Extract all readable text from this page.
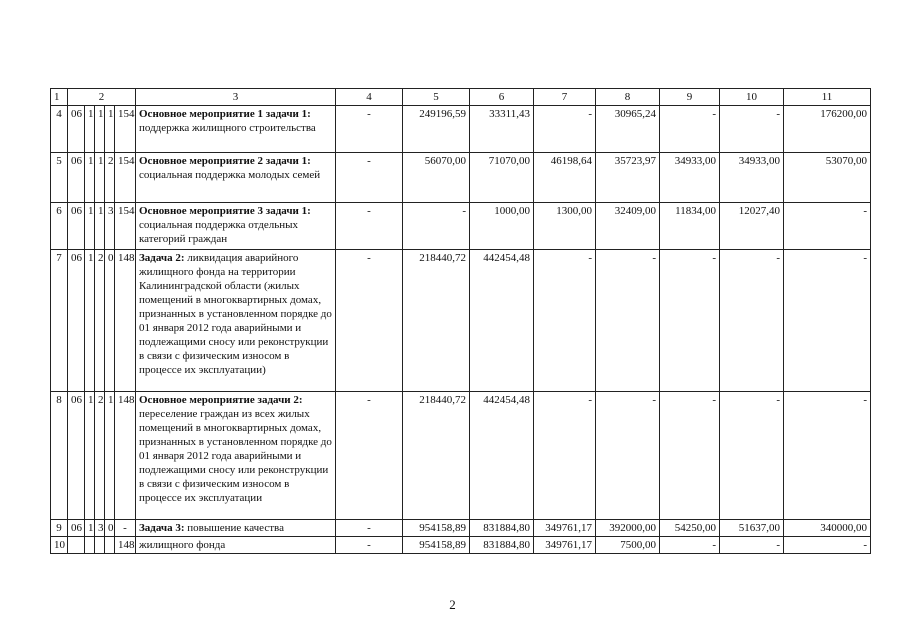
1	2					3	4	5	6	7	8	9	10	11
4	06	1	1	1	154	Основное мероприятие 1 задачи 1: поддержка жилищного строительства	-	249196,59	33311,43	-	30965,24	-	-	176200,00
5	06	1	1	2	154	Основное мероприятие 2 задачи 1: социальная поддержка молодых семей	-	56070,00	71070,00	46198,64	35723,97	34933,00	34933,00	53070,00
6	06	1	1	3	154	Основное мероприятие 3 задачи 1: социальная поддержка отдельных категорий граждан	-	-	1000,00	1300,00	32409,00	11834,00	12027,40	-
7	06	1	2	0	148	Задача 2: ликвидация аварийного жилищного фонда на территории Калининградской области (жилых помещений в многоквартирных домах, признанных в установленном порядке до 01 января 2012 года аварийными и подлежащими сносу или реконструкции в связи с физическим износом в процессе их эксплуатации)	-	218440,72	442454,48	-	-	-	-	-
8	06	1	2	1	148	Основное мероприятие задачи 2: переселение граждан из всех жилых помещений в многоквартирных домах, признанных в установленном порядке до 01 января 2012 года аварийными и подлежащими сносу или реконструкции в связи с физическим износом в процессе их эксплуатации	-	218440,72	442454,48	-	-	-	-	-
9	06	1	3	0	-	Задача 3: повышение качества	-	954158,89	831884,80	349761,17	392000,00	54250,00	51637,00	340000,00
10					148	жилищного фонда	-	954158,89	831884,80	349761,17	7500,00	-	-	-
2
